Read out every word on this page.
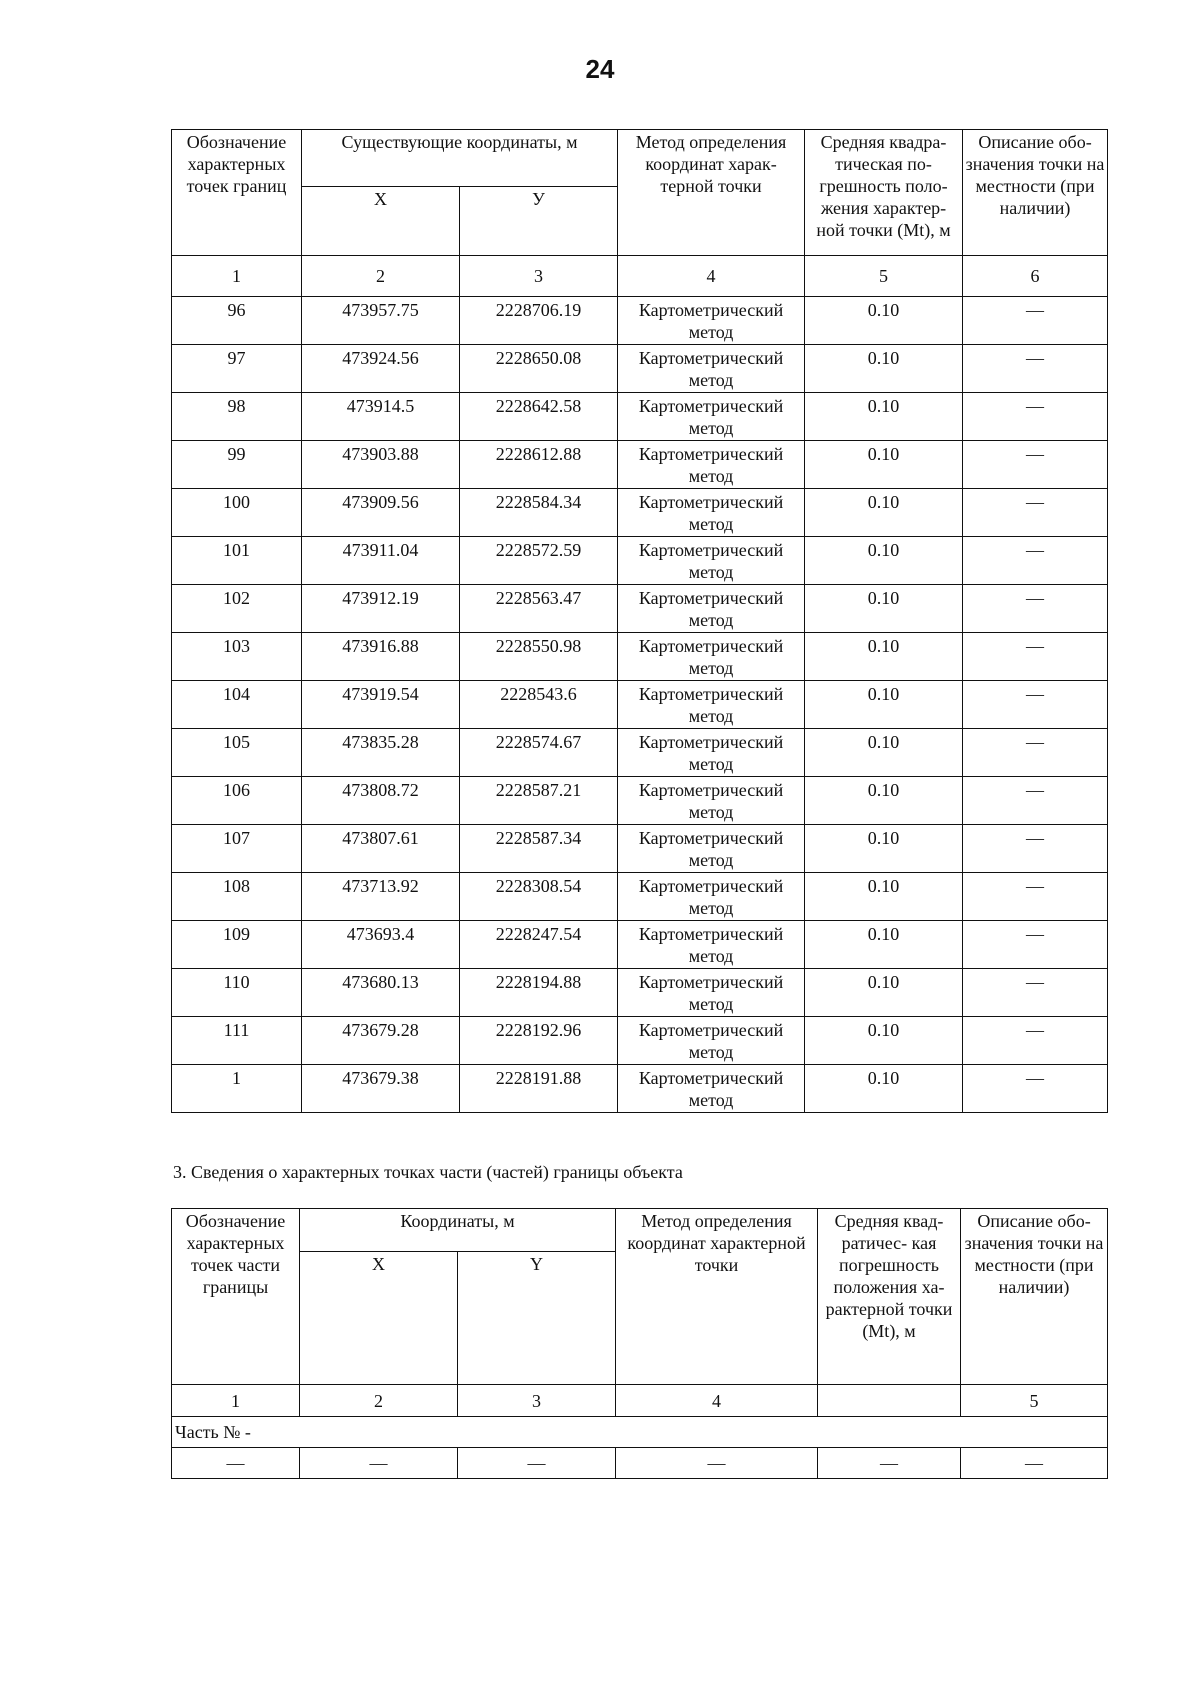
24
Обозначение характерных точек границ	Существующие координаты, м		Метод определения координат харак-терной точки	Средняя квадра-тическая по-грешность поло-жения характер-ной точки (Mt), м	Описание обо-значения точки на местности (при наличии)
	X	У			
1	2	3	4	5	6
96	473957.75	2228706.19	Картометрический метод	0.10	—
97	473924.56	2228650.08	Картометрический метод	0.10	—
98	473914.5	2228642.58	Картометрический метод	0.10	—
99	473903.88	2228612.88	Картометрический метод	0.10	—
100	473909.56	2228584.34	Картометрический метод	0.10	—
101	473911.04	2228572.59	Картометрический метод	0.10	—
102	473912.19	2228563.47	Картометрический метод	0.10	—
103	473916.88	2228550.98	Картометрический метод	0.10	—
104	473919.54	2228543.6	Картометрический метод	0.10	—
105	473835.28	2228574.67	Картометрический метод	0.10	—
106	473808.72	2228587.21	Картометрический метод	0.10	—
107	473807.61	2228587.34	Картометрический метод	0.10	—
108	473713.92	2228308.54	Картометрический метод	0.10	—
109	473693.4	2228247.54	Картометрический метод	0.10	—
110	473680.13	2228194.88	Картометрический метод	0.10	—
111	473679.28	2228192.96	Картометрический метод	0.10	—
1	473679.38	2228191.88	Картометрический метод	0.10	—
3. Сведения о характерных точках части (частей) границы объекта
Обозначение характерных точек части границы	Координаты, м		Метод определения координат характерной точки	Средняя квад-ратичес- кая погрешность положения ха-рактерной точки (Mt), м	Описание обо-значения точки на местности (при наличии)
	X	Y			
1	2	3	4		5
Часть № -					
—	—	—	—	—	—
